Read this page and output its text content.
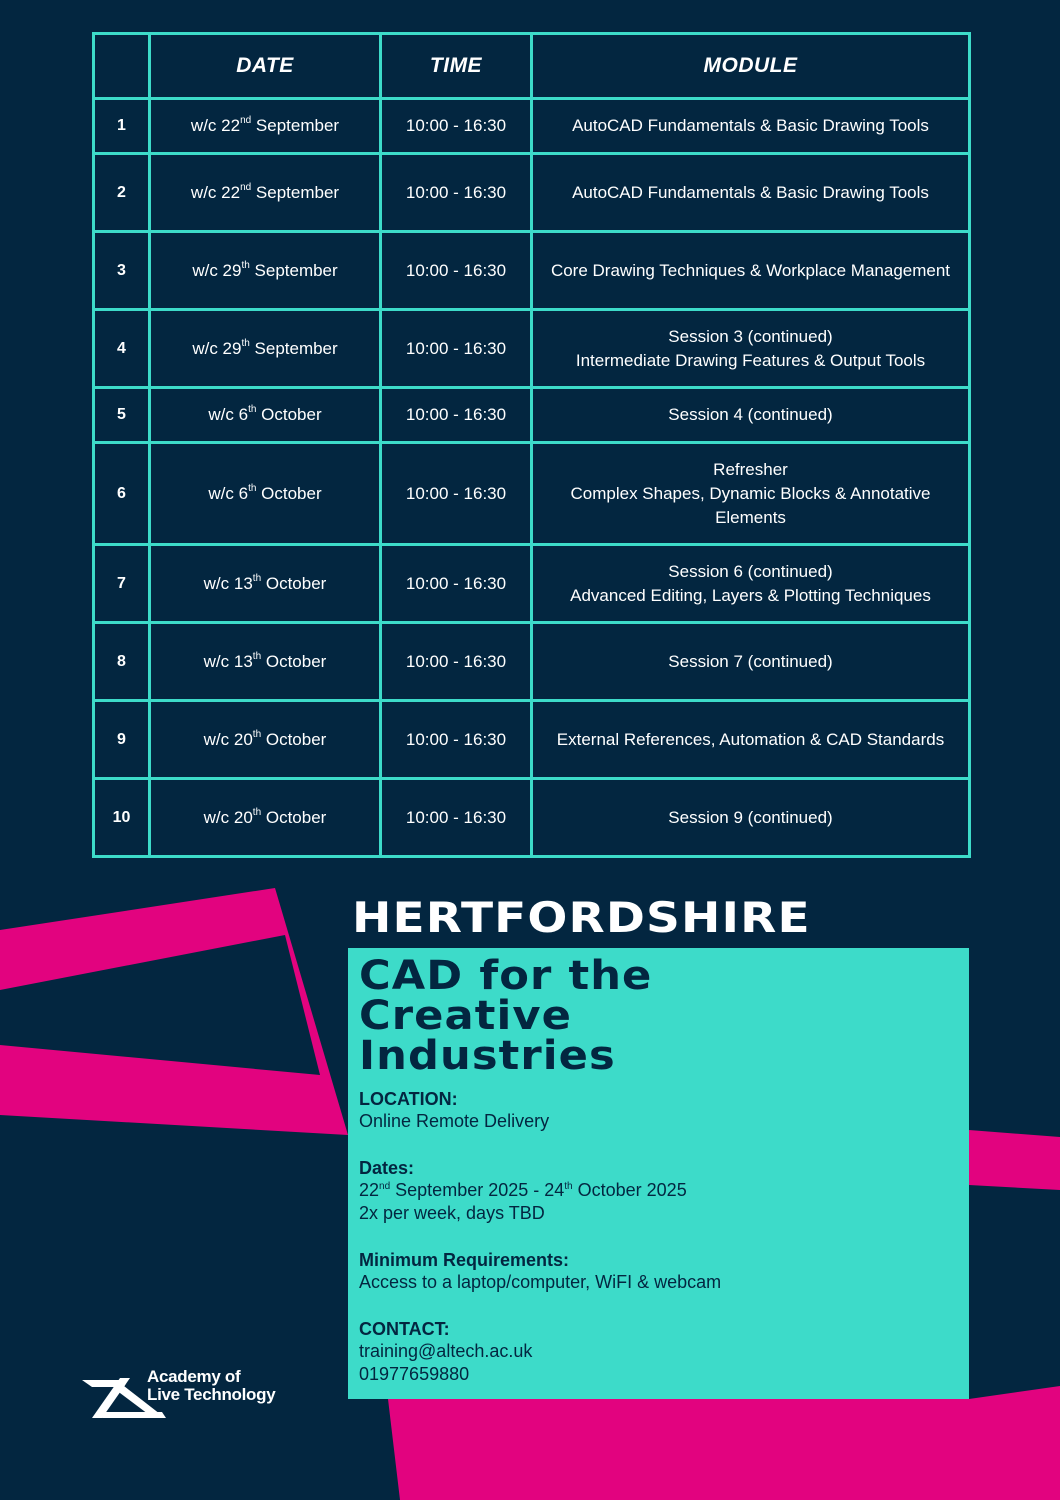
	DATE	TIME	MODULE
1	w/c 22nd September	10:00 - 16:30	AutoCAD Fundamentals & Basic Drawing Tools

2	w/c 22nd September	10:00 - 16:30	AutoCAD Fundamentals & Basic Drawing Tools

3	w/c 29th September	10:00 - 16:30	Core Drawing Techniques & Workplace Management

4	w/c 29th September	10:00 - 16:30	Session 3 (continued)
Intermediate Drawing Features & Output Tools

5	w/c 6th October	10:00 - 16:30	Session 4 (continued)

6	w/c 6th October	10:00 - 16:30	Refresher
Complex Shapes, Dynamic Blocks & Annotative Elements

7	w/c 13th October	10:00 - 16:30	Session 6 (continued)
Advanced Editing, Layers & Plotting Techniques

8	w/c 13th October	10:00 - 16:30	Session 7 (continued)

9	w/c 20th October	10:00 - 16:30	External References, Automation & CAD Standards

10	w/c 20th October	10:00 - 16:30	Session 9 (continued)
HERTFORDSHIRE
CAD for the
Creative
Industries
LOCATION:
Online Remote Delivery
Dates:
22nd September 2025 - 24th October 2025
2x per week, days TBD
Minimum Requirements:
Access to a laptop/computer, WiFI & webcam
CONTACT:
training@altech.ac.uk
01977659880
Academy of
Live Technology
